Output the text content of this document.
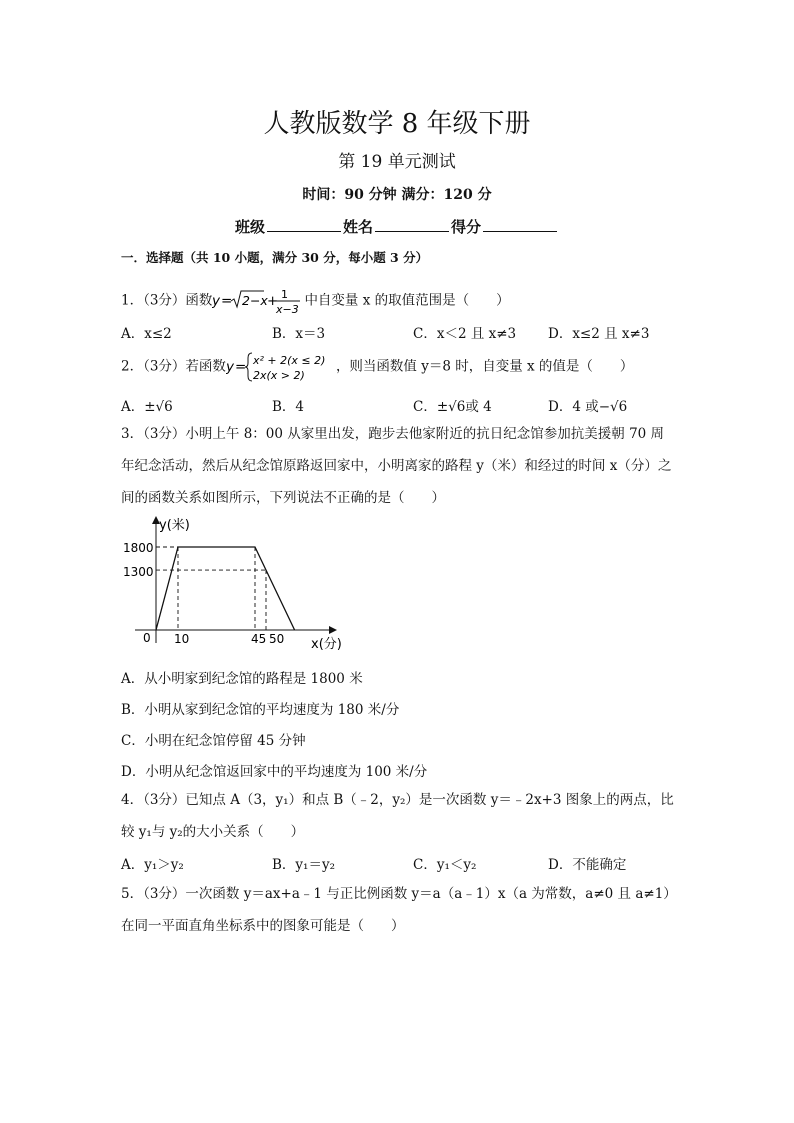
人教版数学 8 年级下册
第 19 单元测试
时间：90 分钟 满分：120 分
班级	姓名	得分
一．选择题（共 10 小题，满分 30 分，每小题 3 分）
1．（3分）函数 y = 2−x + 1
x−3
中自变量 x 的取值范围是（　　）
A．x≤2	B．x＝3	C．x＜2 且 x≠3 D．x≤2 且 x≠3
2．（3分）若函数 y = x² + 2(x ≤ 2)
2x(x > 2)
，则当函数值 y＝8 时，自变量 x 的值是（　　）
A．±√6	B．4	C．±√6或 4	D．4 或−√6
3．（3分）小明上午 8：00 从家里出发，跑步去他家附近的抗日纪念馆参加抗美援朝 70 周年纪念活动，然后从纪念馆原路返回家中，小明离家的路程 y（米）和经过的时间 x（分）之间的函数关系如图所示，下列说法不正确的是（　　）
y(米)
x(分)
0
1800
1300
10	45 50
A．从小明家到纪念馆的路程是 1800 米
B．小明从家到纪念馆的平均速度为 180 米/分
C．小明在纪念馆停留 45 分钟
D．小明从纪念馆返回家中的平均速度为 100 米/分
4．（3分）已知点 A（3，y₁）和点 B（﹣2，y₂）是一次函数 y＝﹣2x+3 图象上的两点，比较 y₁与 y₂的大小关系（　　）
A．y₁＞y₂	B．y₁＝y₂	C．y₁＜y₂	D．不能确定
5．（3分）一次函数 y＝ax+a﹣1 与正比例函数 y＝a（a﹣1）x（a 为常数，a≠0 且 a≠1）在同一平面直角坐标系中的图象可能是（　　）
